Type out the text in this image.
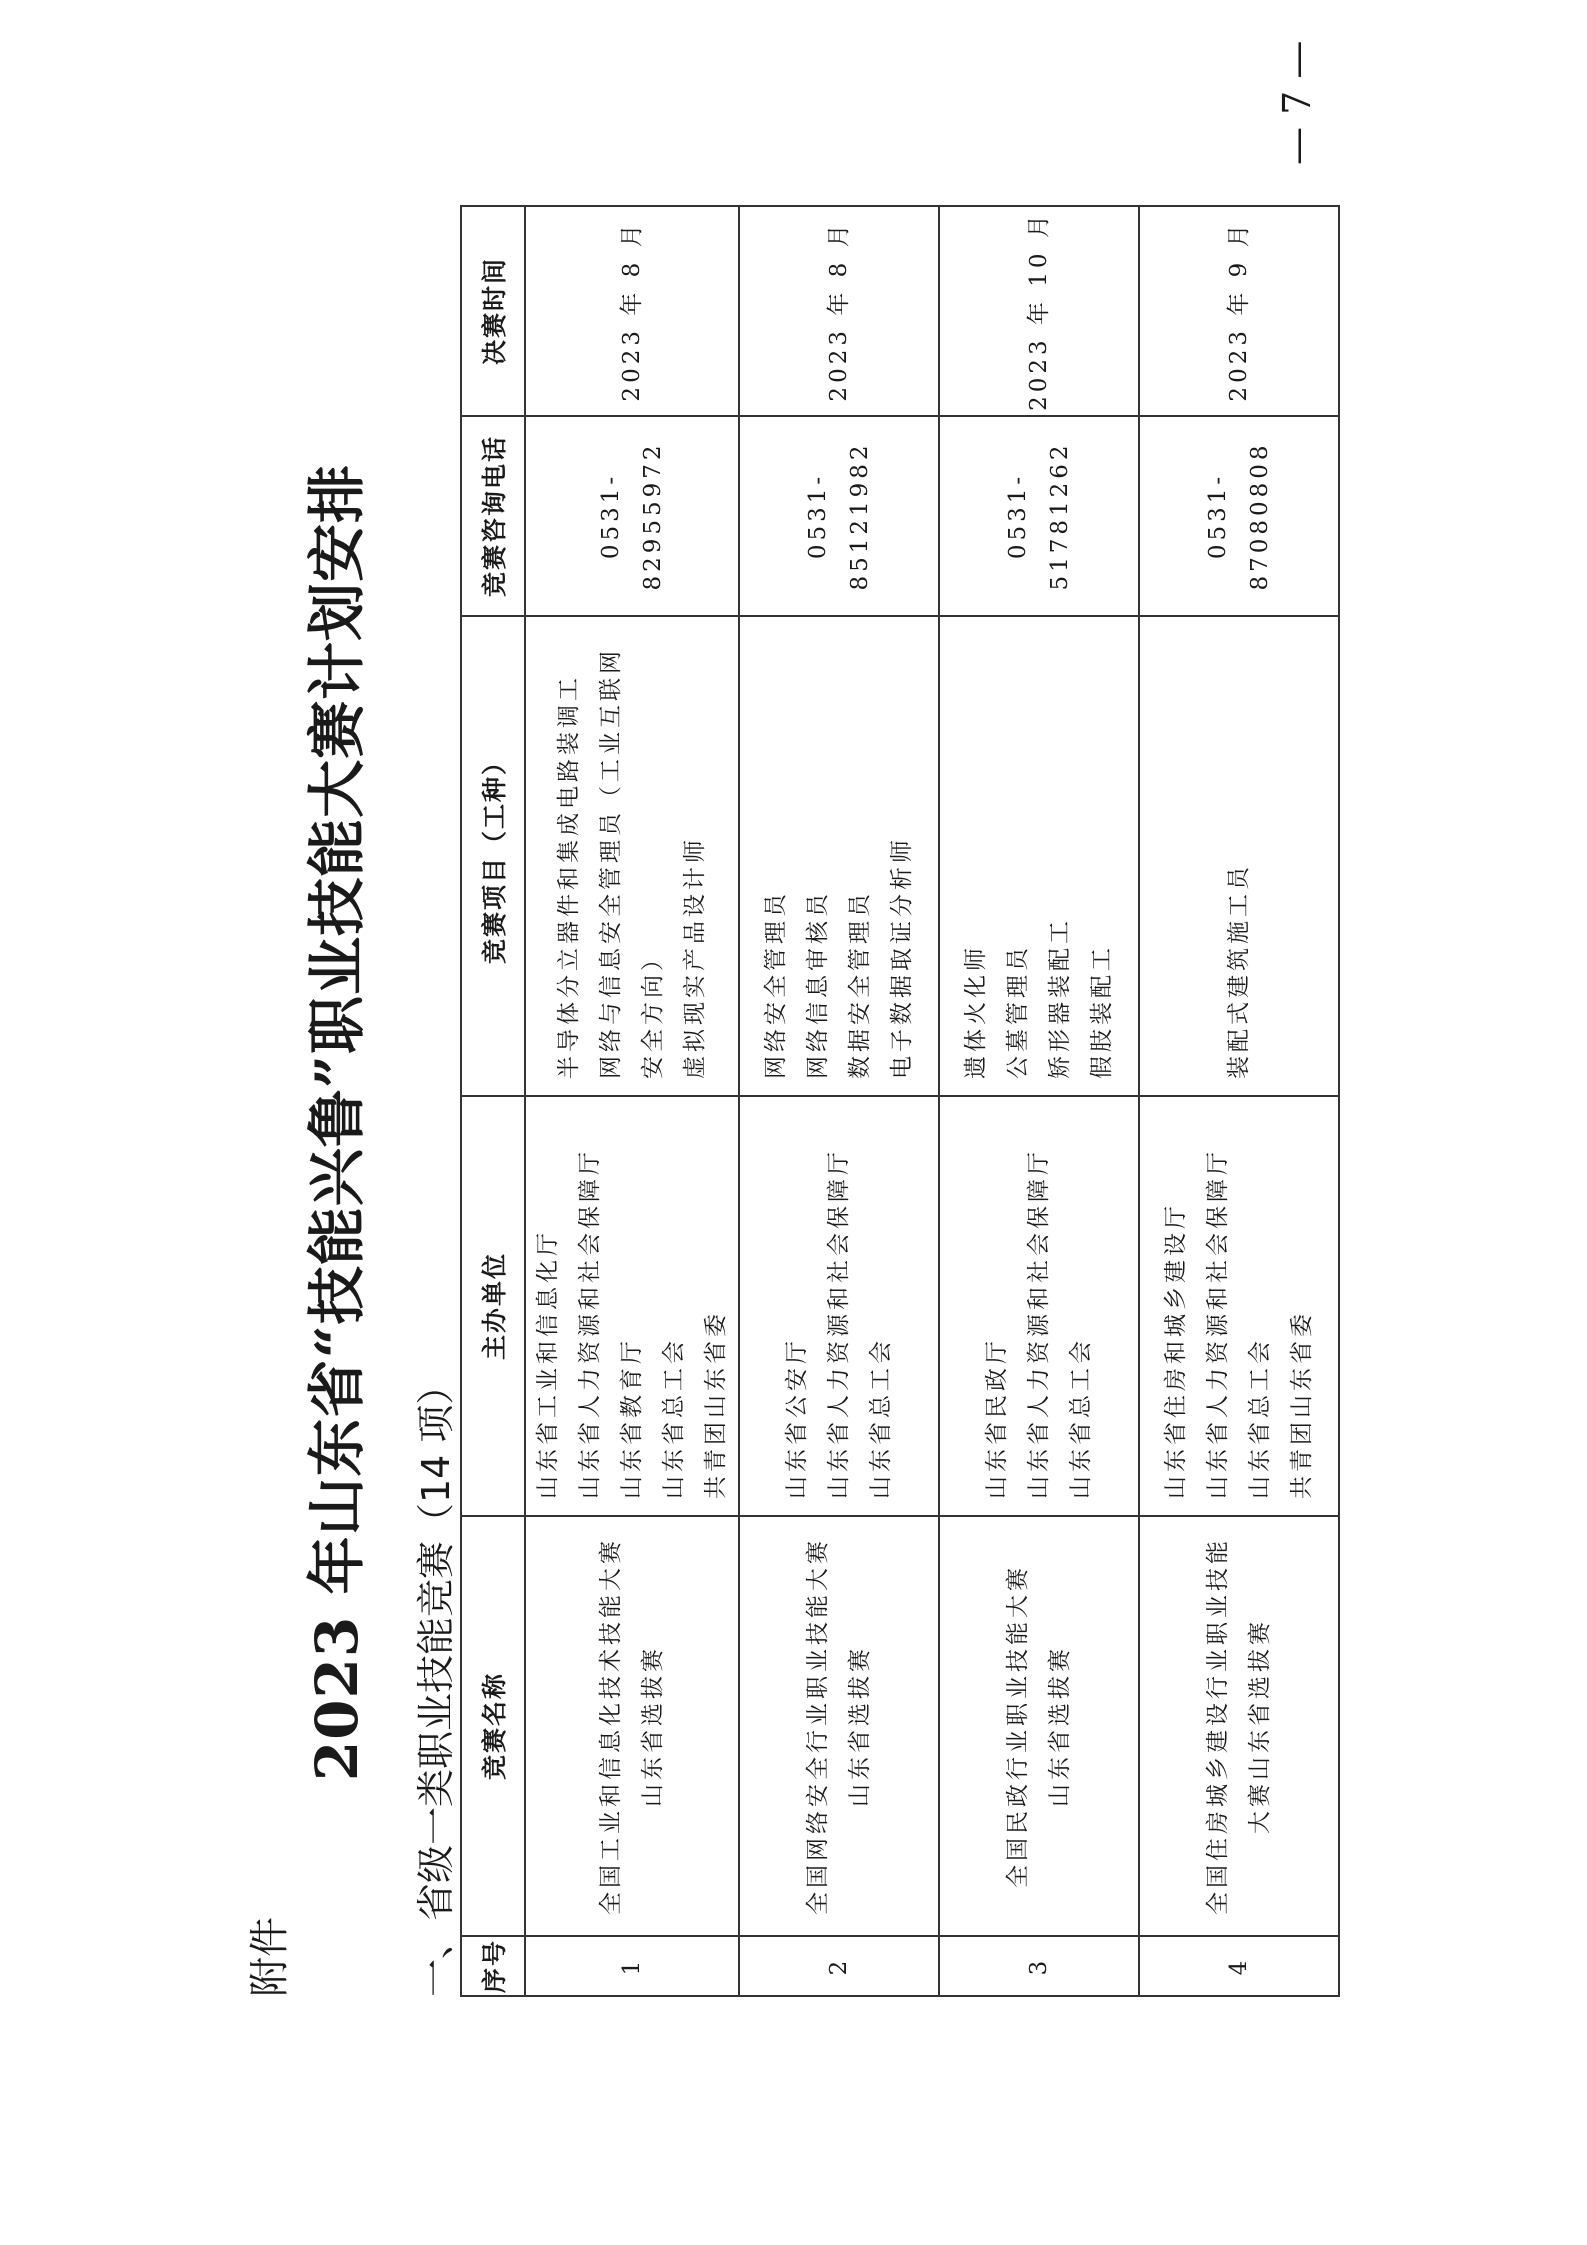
附件
2023 年山东省“技能兴鲁”职业技能大赛计划安排 一、省级一类职业技能竞赛（14 项） 序号	竞赛名称	主办单位	竞赛项目（工种）	竞赛咨询电话	决赛时间
1	全国工业和信息化技术技能大赛 山东省选拔赛	山东省工业和信息化厅 山东省人力资源和社会保障厅 山东省教育厅 山东省总工会 共青团山东省委	半导体分立器件和集成电路装调工 网络与信息安全管理员（工业互联网 安全方向） 虚拟现实产品设计师	0531-82955972	2023 年 8 月
2	全国网络安全行业职业技能大赛 山东省选拔赛	山东省公安厅 山东省人力资源和社会保障厅 山东省总工会	网络安全管理员 网络信息审核员 数据安全管理员 电子数据取证分析师	0531-85121982	2023 年 8 月
3	全国民政行业职业技能大赛 山东省选拔赛	山东省民政厅 山东省人力资源和社会保障厅 山东省总工会	遗体火化师 公墓管理员 矫形器装配工 假肢装配工	0531-51781262	2023 年 10 月
4	全国住房城乡建设行业职业技能 大赛山东省选拔赛	山东省住房和城乡建设厅 山东省人力资源和社会保障厅 山东省总工会 共青团山东省委	装配式建筑施工员	0531-87080808	2023 年 9 月
— 7 —
